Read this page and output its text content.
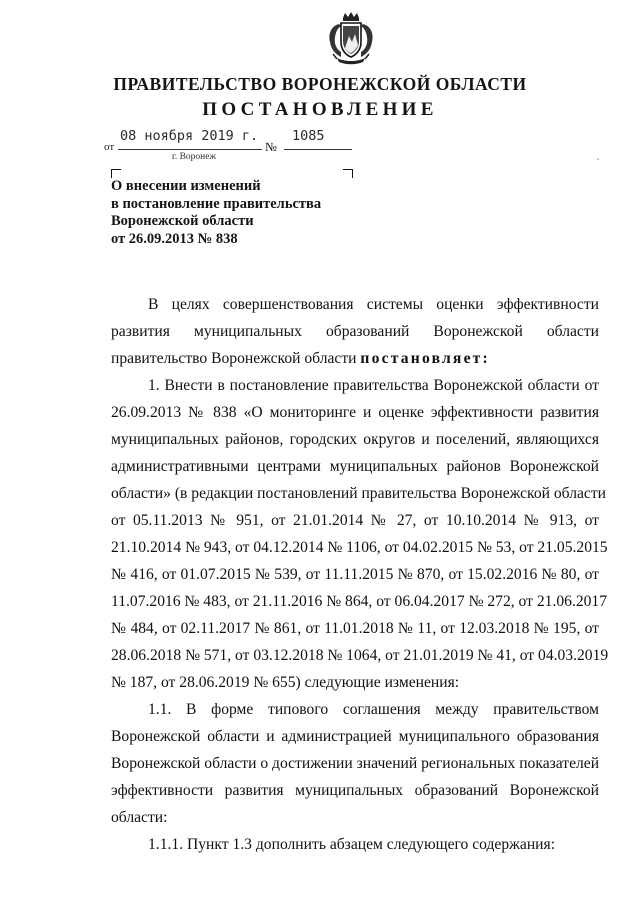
ПРАВИТЕЛЬСТВО ВОРОНЕЖСКОЙ ОБЛАСТИ
ПОСТАНОВЛЕНИЕ
от
08 ноября 2019 г.
№
1085
г. Воронеж
О внесении изменений
в постановление правительства
Воронежской области
от 26.09.2013 № 838
В целях совершенствования системы оценки эффективности
развития муниципальных образований Воронежской области
правительство Воронежской области постановляет:
1. Внести в постановление правительства Воронежской области от
26.09.2013 № 838 «О мониторинге и оценке эффективности развития
муниципальных районов, городских округов и поселений, являющихся
административными центрами муниципальных районов Воронежской
области» (в редакции постановлений правительства Воронежской области
от 05.11.2013 № 951, от 21.01.2014 № 27, от 10.10.2014 № 913, от
21.10.2014 № 943, от 04.12.2014 № 1106, от 04.02.2015 № 53, от 21.05.2015
№ 416, от 01.07.2015 № 539, от 11.11.2015 № 870, от 15.02.2016 № 80, от
11.07.2016 № 483, от 21.11.2016 № 864, от 06.04.2017 № 272, от 21.06.2017
№ 484, от 02.11.2017 № 861, от 11.01.2018 № 11, от 12.03.2018 № 195, от
28.06.2018 № 571, от 03.12.2018 № 1064, от 21.01.2019 № 41, от 04.03.2019
№ 187, от 28.06.2019 № 655) следующие изменения:
1.1. В форме типового соглашения между правительством
Воронежской области и администрацией муниципального образования
Воронежской области о достижении значений региональных показателей
эффективности развития муниципальных образований Воронежской
области:
1.1.1. Пункт 1.3 дополнить абзацем следующего содержания:
